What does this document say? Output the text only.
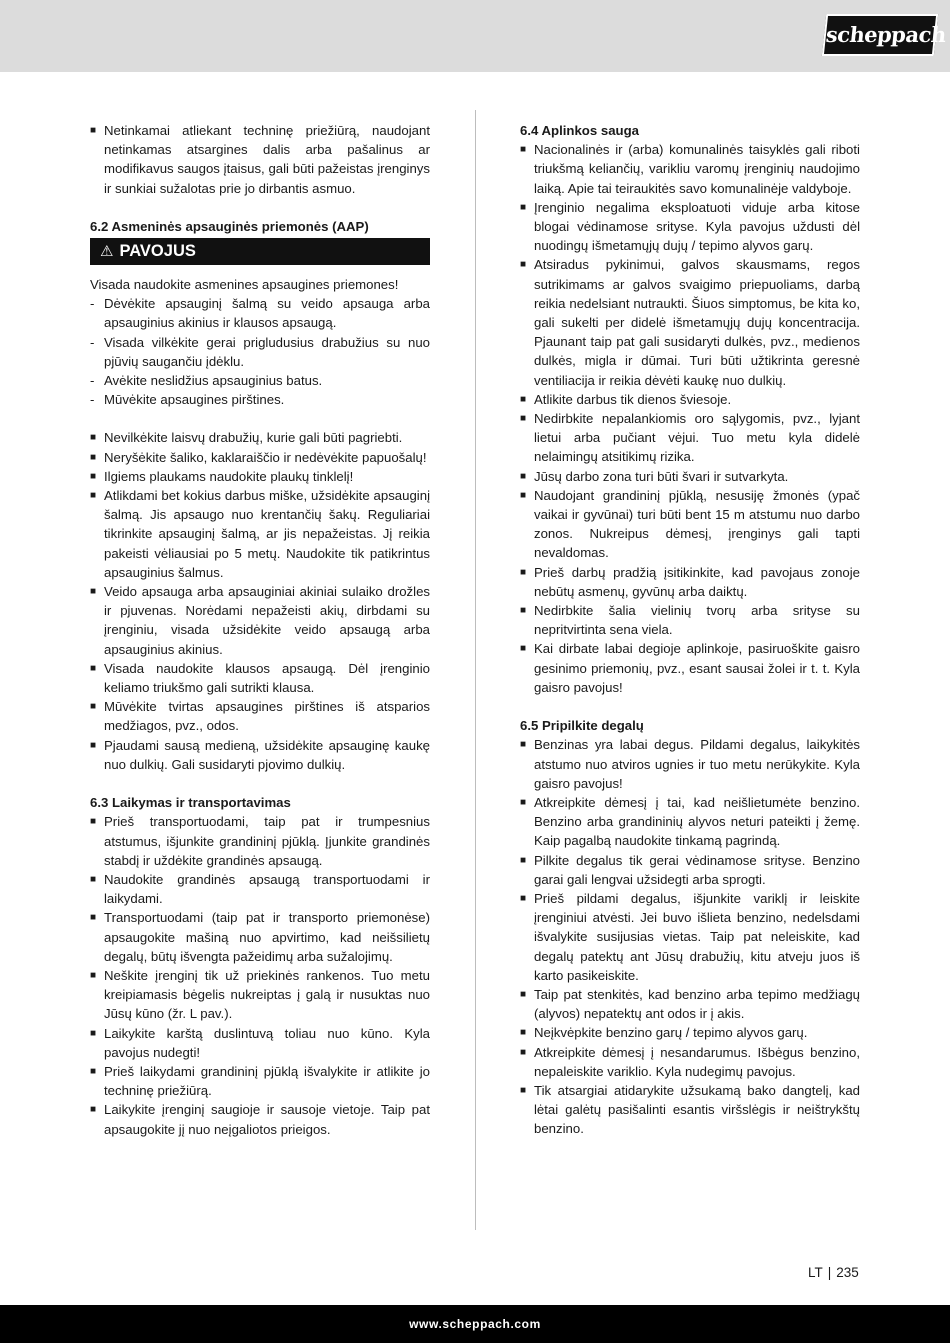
scheppach
■ Netinkamai atliekant techninę priežiūrą, naudojant netinkamas atsargines dalis arba pašalinus ar modifikavus saugos įtaisus, gali būti pažeistas įrenginys ir sunkiai sužalotas prie jo dirbantis asmuo.
6.2 Asmeninės apsauginės priemonės (AAP)
⚠ PAVOJUS
Visada naudokite asmenines apsaugines priemones!
- Dėvėkite apsauginį šalmą su veido apsauga arba apsauginius akinius ir klausos apsaugą.
- Visada vilkėkite gerai prigludusius drabužius su nuo pjūvių saugančiu įdėklu.
- Avėkite neslidžius apsauginius batus.
- Mūvėkite apsaugines pirštines.
■ Nevilkėkite laisvų drabužių, kurie gali būti pagriebti.
■ Neryšėkite šaliko, kaklaraiščio ir nedėvėkite papuošalų!
■ Ilgiems plaukams naudokite plaukų tinklelį!
■ Atlikdami bet kokius darbus miške, užsidėkite apsauginį šalmą. Jis apsaugo nuo krentančių šakų. Reguliariai tikrinkite apsauginį šalmą, ar jis nepažeistas. Jį reikia pakeisti vėliausiai po 5 metų. Naudokite tik patikrintus apsauginius šalmus.
■ Veido apsauga arba apsauginiai akiniai sulaiko drožles ir pjuvenas. Norėdami nepažeisti akių, dirbdami su įrenginiu, visada užsidėkite veido apsaugą arba apsauginius akinius.
■ Visada naudokite klausos apsaugą. Dėl įrenginio keliamo triukšmo gali sutrikti klausa.
■ Mūvėkite tvirtas apsaugines pirštines iš atsparios medžiagos, pvz., odos.
■ Pjaudami sausą medieną, užsidėkite apsauginę kaukę nuo dulkių. Gali susidaryti pjovimo dulkių.
6.3 Laikymas ir transportavimas
■ Prieš transportuodami, taip pat ir trumpesnius atstumus, išjunkite grandininį pjūklą. Įjunkite grandinės stabdį ir uždėkite grandinės apsaugą.
■ Naudokite grandinės apsaugą transportuodami ir laikydami.
■ Transportuodami (taip pat ir transporto priemonėse) apsaugokite mašiną nuo apvirtimo, kad neišsilietų degalų, būtų išvengta pažeidimų arba sužalojimų.
■ Neškite įrenginį tik už priekinės rankenos. Tuo metu kreipiamasis bėgelis nukreiptas į galą ir nusuktas nuo Jūsų kūno (žr. L pav.).
■ Laikykite karštą duslintuvą toliau nuo kūno. Kyla pavojus nudegti!
■ Prieš laikydami grandininį pjūklą išvalykite ir atlikite jo techninę priežiūrą.
■ Laikykite įrenginį saugioje ir sausoje vietoje. Taip pat apsaugokite jį nuo neįgaliotos prieigos.
6.4 Aplinkos sauga
■ Nacionalinės ir (arba) komunalinės taisyklės gali riboti triukšmą keliančių, varikliu varomų įrenginių naudojimo laiką. Apie tai teiraukitės savo komunalinėje valdyboje.
■ Įrenginio negalima eksploatuoti viduje arba kitose blogai vėdinamose srityse. Kyla pavojus uždusti dėl nuodingų išmetamųjų dujų / tepimo alyvos garų.
■ Atsiradus pykinimui, galvos skausmams, regos sutrikimams ar galvos svaigimo priepuoliams, darbą reikia nedelsiant nutraukti. Šiuos simptomus, be kita ko, gali sukelti per didelė išmetamųjų dujų koncentracija. Pjaunant taip pat gali susidaryti dulkės, pvz., medienos dulkės, migla ir dūmai. Turi būti užtikrinta geresnė ventiliacija ir reikia dėvėti kaukę nuo dulkių.
■ Atlikite darbus tik dienos šviesoje.
■ Nedirbkite nepalankiomis oro sąlygomis, pvz., lyjant lietui arba pučiant vėjui. Tuo metu kyla didelė nelaimingų atsitikimų rizika.
■ Jūsų darbo zona turi būti švari ir sutvarkyta.
■ Naudojant grandininį pjūklą, nesusiję žmonės (ypač vaikai ir gyvūnai) turi būti bent 15 m atstumu nuo darbo zonos. Nukreipus dėmesį, įrenginys gali tapti nevaldomas.
■ Prieš darbų pradžią įsitikinkite, kad pavojaus zonoje nebūtų asmenų, gyvūnų arba daiktų.
■ Nedirbkite šalia vielinių tvorų arba srityse su nepritvirtinta sena viela.
■ Kai dirbate labai degioje aplinkoje, pasiruoškite gaisro gesinimo priemonių, pvz., esant sausai žolei ir t. t. Kyla gaisro pavojus!
6.5 Pripilkite degalų
■ Benzinas yra labai degus. Pildami degalus, laikykitės atstumo nuo atviros ugnies ir tuo metu nerūkykite. Kyla gaisro pavojus!
■ Atkreipkite dėmesį į tai, kad neišlietumėte benzino. Benzino arba grandininių alyvos neturi pateikti į žemę. Kaip pagalbą naudokite tinkamą pagrindą.
■ Pilkite degalus tik gerai vėdinamose srityse. Benzino garai gali lengvai užsidegti arba sprogti.
■ Prieš pildami degalus, išjunkite variklį ir leiskite įrenginiui atvėsti. Jei buvo išlieta benzino, nedelsdami išvalykite susijusias vietas. Taip pat neleiskite, kad degalų patektų ant Jūsų drabužių, kitu atveju juos iš karto pasikeiskite.
■ Taip pat stenkitės, kad benzino arba tepimo medžiagų (alyvos) nepatektų ant odos ir į akis.
■ Neįkvėpkite benzino garų / tepimo alyvos garų.
■ Atkreipkite dėmesį į nesandarumus. Išbėgus benzino, nepaleiskite variklio. Kyla nudegimų pavojus.
■ Tik atsargiai atidarykite užsukamą bako dangtelį, kad lėtai galėtų pasišalinti esantis viršslėgis ir neištrykštų benzino.
LT | 235
www.scheppach.com
